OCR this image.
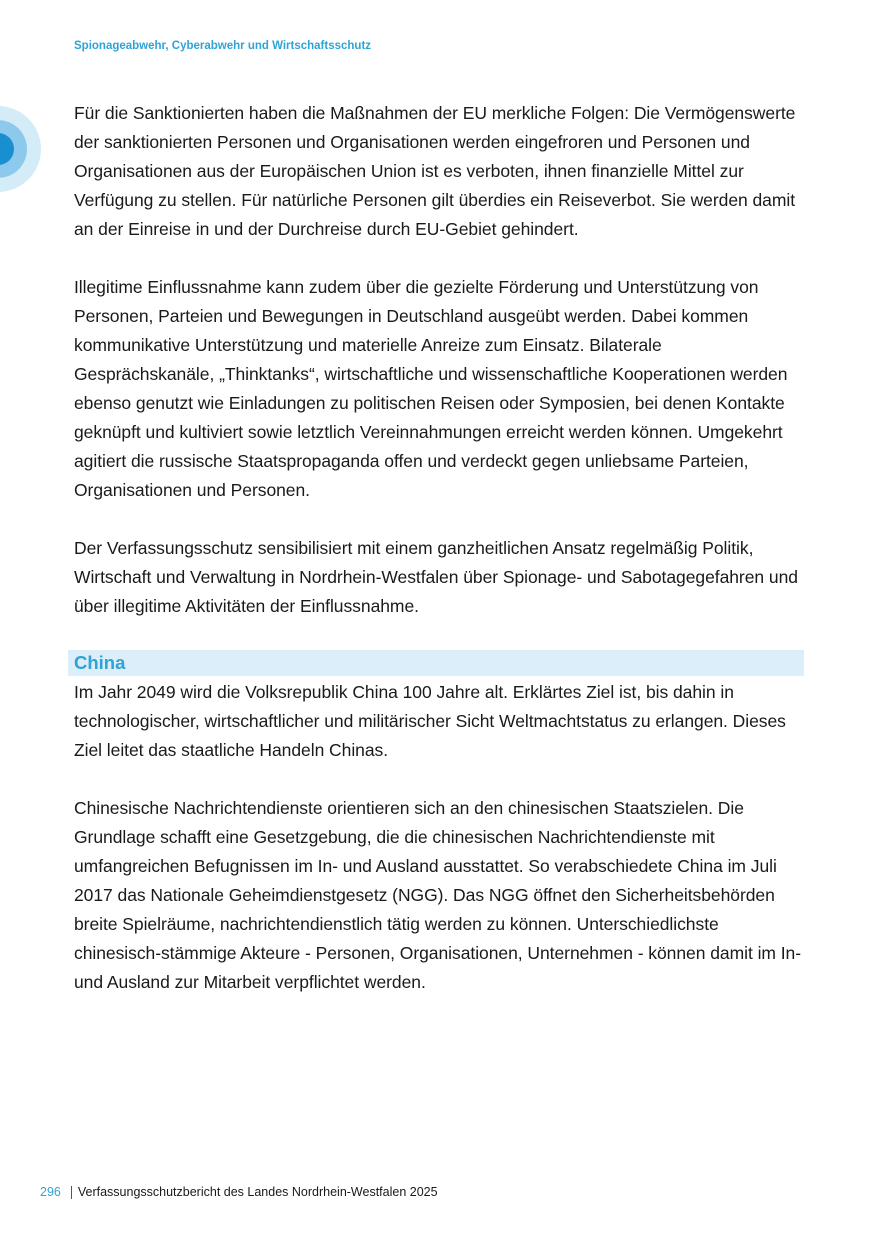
Spionageabwehr, Cyberabwehr und Wirtschaftsschutz

Für die Sanktionierten haben die Maßnahmen der EU merkliche Folgen: Die Vermögenswerte der sanktionierten Personen und Organisationen werden eingefroren und Personen und Organisationen aus der Europäischen Union ist es verboten, ihnen finanzielle Mittel zur Verfügung zu stellen. Für natürliche Personen gilt überdies ein Reiseverbot. Sie werden damit an der Einreise in und der Durchreise durch EU-Gebiet gehindert.

Illegitime Einflussnahme kann zudem über die gezielte Förderung und Unterstützung von Personen, Parteien und Bewegungen in Deutschland ausgeübt werden. Dabei kommen kommunikative Unterstützung und materielle Anreize zum Einsatz. Bilaterale Gesprächskanäle, „Thinktanks“, wirtschaftliche und wissenschaftliche Kooperationen werden ebenso genutzt wie Einladungen zu politischen Reisen oder Symposien, bei denen Kontakte geknüpft und kultiviert sowie letztlich Vereinnahmungen erreicht werden können. Umgekehrt agitiert die russische Staatspropaganda offen und verdeckt gegen unliebsame Parteien, Organisationen und Personen.

Der Verfassungsschutz sensibilisiert mit einem ganzheitlichen Ansatz regelmäßig Politik, Wirtschaft und Verwaltung in Nordrhein-Westfalen über Spionage- und Sabotagegefahren und über illegitime Aktivitäten der Einflussnahme.

China

Im Jahr 2049 wird die Volksrepublik China 100 Jahre alt. Erklärtes Ziel ist, bis dahin in technologischer, wirtschaftlicher und militärischer Sicht Weltmachtstatus zu erlangen. Dieses Ziel leitet das staatliche Handeln Chinas.

Chinesische Nachrichtendienste orientieren sich an den chinesischen Staatszielen. Die Grundlage schafft eine Gesetzgebung, die die chinesischen Nachrichtendienste mit umfangreichen Befugnissen im In- und Ausland ausstattet. So verabschiedete China im Juli 2017 das Nationale Geheimdienstgesetz (NGG). Das NGG öffnet den Sicherheitsbehörden breite Spielräume, nachrichtendienstlich tätig werden zu können. Unterschiedlichste chinesisch-stämmige Akteure - Personen, Organisationen, Unternehmen - können damit im In- und Ausland zur Mitarbeit verpflichtet werden.

296 Verfassungsschutzbericht des Landes Nordrhein-Westfalen 2025
